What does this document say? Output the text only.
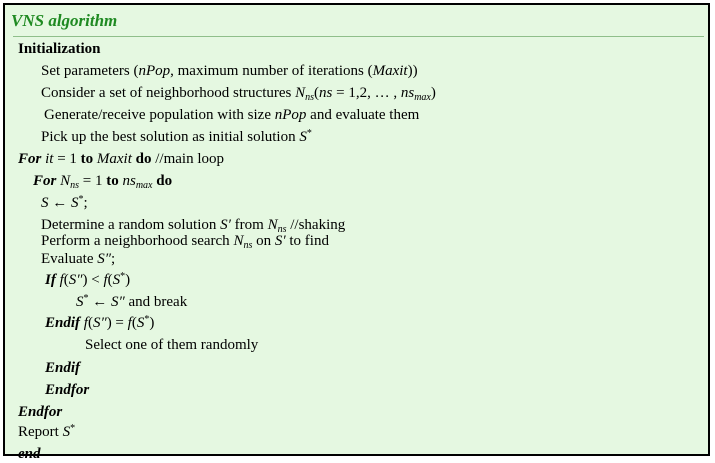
VNS algorithm
Initialization
Set parameters (nPop, maximum number of iterations (Maxit))
Consider a set of neighborhood structures $N_{ns}(ns = 1,2$, … , $ns_{max}$)
Generate/receive population with size nPop and evaluate them
Pick up the best solution as initial solution S*
For it = 1 to Maxit do //main loop
For $N_{ns} = 1$ to $ns_{max}$ do
S ← S*;
Determine a random solution S′ from $N_{ns}$ //shaking
Perform a neighborhood search $N_{ns}$ on S′ to find
Evaluate S″;
If f(S″) < f(S*)
S* ← S″ and break
Endif f(S″) = f(S*)
Select one of them randomly
Endif
Endfor
Endfor
Report S*
end
